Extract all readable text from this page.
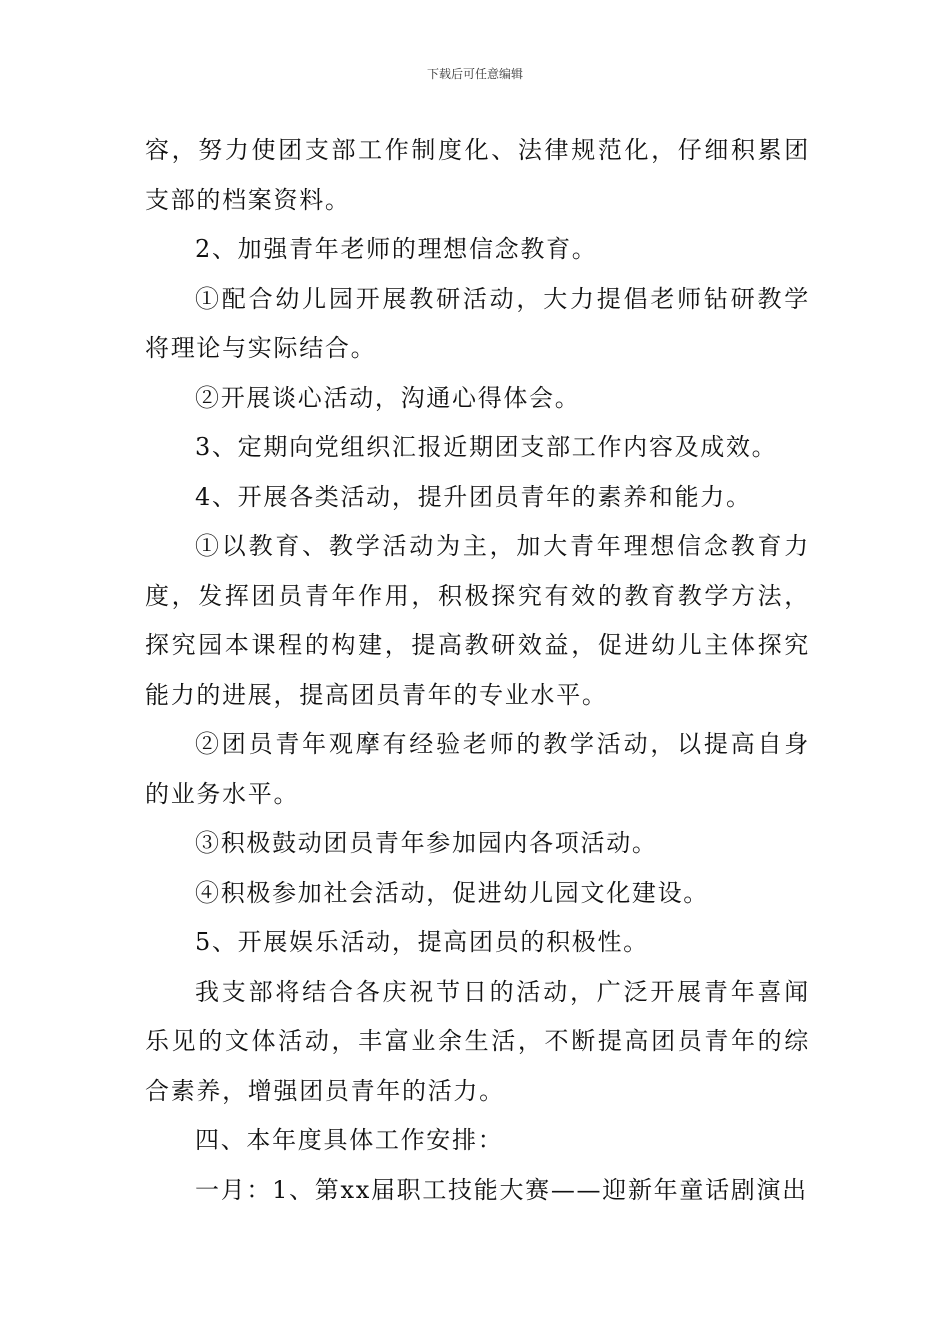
下载后可任意编辑

容，努力使团支部工作制度化、法律规范化，仔细积累团支部的档案资料。

2、加强青年老师的理想信念教育。

①配合幼儿园开展教研活动，大力提倡老师钻研教学将理论与实际结合。

②开展谈心活动，沟通心得体会。

3、定期向党组织汇报近期团支部工作内容及成效。

4、开展各类活动，提升团员青年的素养和能力。

①以教育、教学活动为主，加大青年理想信念教育力度，发挥团员青年作用，积极探究有效的教育教学方法，探究园本课程的构建，提高教研效益，促进幼儿主体探究能力的进展，提高团员青年的专业水平。

②团员青年观摩有经验老师的教学活动，以提高自身的业务水平。

③积极鼓动团员青年参加园内各项活动。

④积极参加社会活动，促进幼儿园文化建设。

5、开展娱乐活动，提高团员的积极性。

我支部将结合各庆祝节日的活动，广泛开展青年喜闻乐见的文体活动，丰富业余生活，不断提高团员青年的综合素养，增强团员青年的活力。

四、本年度具体工作安排：

一月：1、第xx届职工技能大赛——迎新年童话剧演出
